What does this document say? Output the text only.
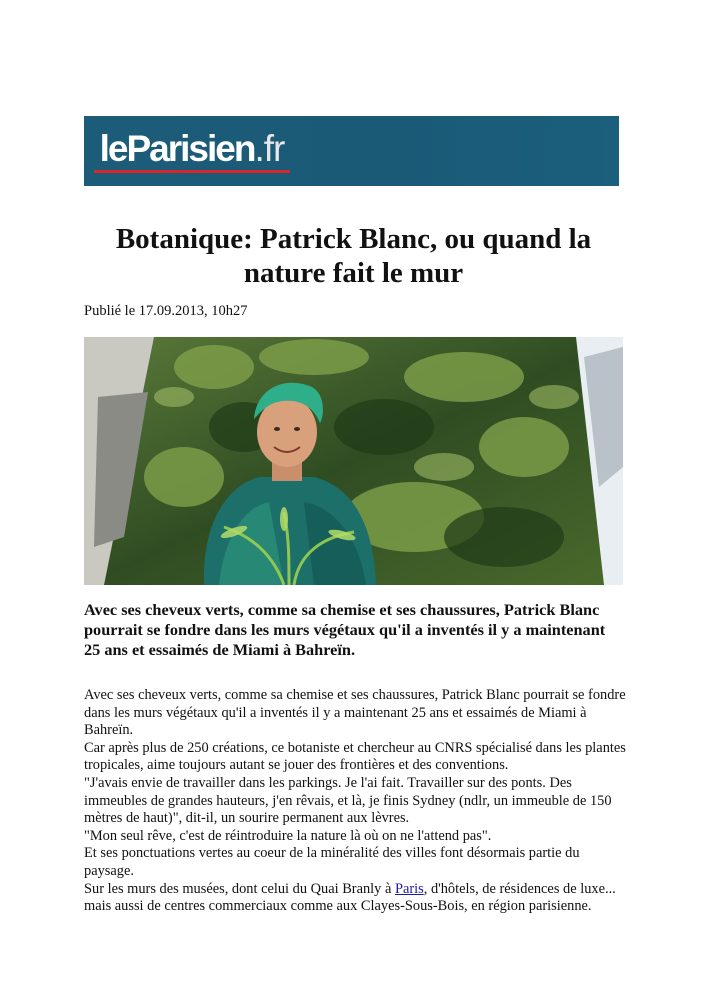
leParisien.fr
Botanique: Patrick Blanc, ou quand la
nature fait le mur
Publié le 17.09.2013, 10h27

Avec ses cheveux verts, comme sa chemise et ses chaussures, Patrick Blanc pourrait se fondre dans les murs végétaux qu'il a inventés il y a maintenant 25 ans et essaimés de Miami à Bahreïn.

Avec ses cheveux verts, comme sa chemise et ses chaussures, Patrick Blanc pourrait se fondre dans les murs végétaux qu'il a inventés il y a maintenant 25 ans et essaimés de Miami à Bahreïn.

Car après plus de 250 créations, ce botaniste et chercheur au CNRS spécialisé dans les plantes tropicales, aime toujours autant se jouer des frontières et des conventions.

"J'avais envie de travailler dans les parkings. Je l'ai fait. Travailler sur des ponts. Des immeubles de grandes hauteurs, j'en rêvais, et là, je finis Sydney (ndlr, un immeuble de 150 mètres de haut)", dit-il, un sourire permanent aux lèvres.

"Mon seul rêve, c'est de réintroduire la nature là où on ne l'attend pas".

Et ses ponctuations vertes au coeur de la minéralité des villes font désormais partie du paysage.

Sur les murs des musées, dont celui du Quai Branly à Paris, d'hôtels, de résidences de luxe... mais aussi de centres commerciaux comme aux Clayes-Sous-Bois, en région parisienne.
